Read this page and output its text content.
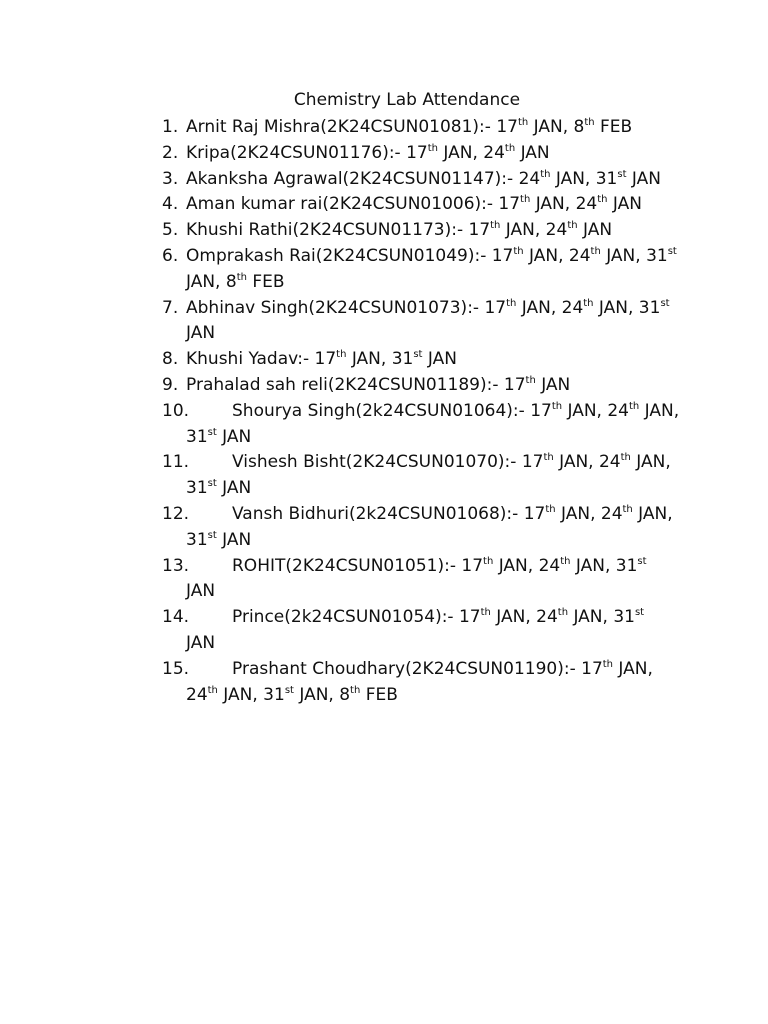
Chemistry Lab Attendance
1. Arnit Raj Mishra(2K24CSUN01081):- 17th JAN, 8th FEB
2. Kripa(2K24CSUN01176):- 17th JAN, 24th JAN
3. Akanksha Agrawal(2K24CSUN01147):- 24th JAN, 31st JAN
4. Aman kumar rai(2K24CSUN01006):- 17th JAN, 24th JAN
5. Khushi Rathi(2K24CSUN01173):- 17th JAN, 24th JAN
6. Omprakash Rai(2K24CSUN01049):- 17th JAN, 24th JAN, 31st
JAN, 8th FEB
7. Abhinav Singh(2K24CSUN01073):- 17th JAN, 24th JAN, 31st
JAN
8. Khushi Yadav:- 17th JAN, 31st JAN
9. Prahalad sah reli(2K24CSUN01189):- 17th JAN
10.	Shourya Singh(2k24CSUN01064):- 17th JAN, 24th JAN,
31st JAN
11.	Vishesh Bisht(2K24CSUN01070):- 17th JAN, 24th JAN,
31st JAN
12.	Vansh Bidhuri(2k24CSUN01068):- 17th JAN, 24th JAN,
31st JAN
13.	ROHIT(2K24CSUN01051):- 17th JAN, 24th JAN, 31st
JAN
14.	Prince(2k24CSUN01054):- 17th JAN, 24th JAN, 31st
JAN
15.	Prashant Choudhary(2K24CSUN01190):- 17th JAN,
24th JAN, 31st JAN, 8th FEB
